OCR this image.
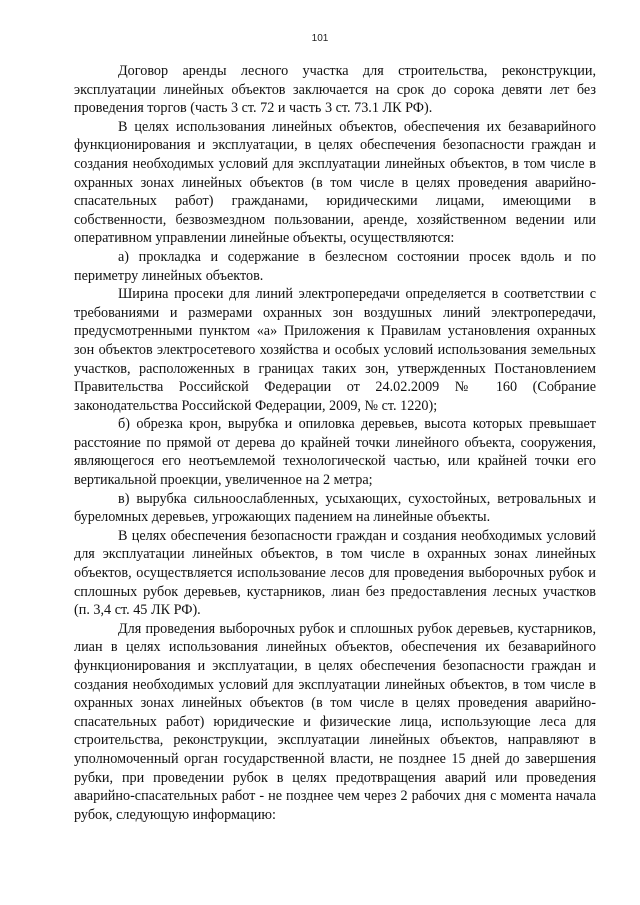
101

Договор аренды лесного участка для строительства, реконструкции, эксплуатации линейных объектов заключается на срок до сорока девяти лет без проведения торгов (часть 3 ст. 72 и часть 3 ст. 73.1 ЛК РФ).

В целях использования линейных объектов, обеспечения их безаварийного функционирования и эксплуатации, в целях обеспечения безопасности граждан и создания необходимых условий для эксплуатации линейных объектов, в том числе в охранных зонах линейных объектов (в том числе в целях проведения аварийно-спасательных работ) гражданами, юридическими лицами, имеющими в собственности, безвозмездном пользовании, аренде, хозяйственном ведении или оперативном управлении линейные объекты, осуществляются:

а) прокладка и содержание в безлесном состоянии просек вдоль и по периметру линейных объектов.

Ширина просеки для линий электропередачи определяется в соответствии с требованиями и размерами охранных зон воздушных линий электропередачи, предусмотренными пунктом «а» Приложения к Правилам установления охранных зон объектов электросетевого хозяйства и особых условий использования земельных участков, расположенных в границах таких зон, утвержденных Постановлением Правительства Российской Федерации от 24.02.2009 № 160 (Собрание законодательства Российской Федерации, 2009, № ст. 1220);

б) обрезка крон, вырубка и опиловка деревьев, высота которых превышает расстояние по прямой от дерева до крайней точки линейного объекта, сооружения, являющегося его неотъемлемой технологической частью, или крайней точки его вертикальной проекции, увеличенное на 2 метра;

в) вырубка сильноослабленных, усыхающих, сухостойных, ветровальных и буреломных деревьев, угрожающих падением на линейные объекты.

В целях обеспечения безопасности граждан и создания необходимых условий для эксплуатации линейных объектов, в том числе в охранных зонах линейных объектов, осуществляется использование лесов для проведения выборочных рубок и сплошных рубок деревьев, кустарников, лиан без предоставления лесных участков (п. 3,4 ст. 45 ЛК РФ).

Для проведения выборочных рубок и сплошных рубок деревьев, кустарников, лиан в целях использования линейных объектов, обеспечения их безаварийного функционирования и эксплуатации, в целях обеспечения безопасности граждан и создания необходимых условий для эксплуатации линейных объектов, в том числе в охранных зонах линейных объектов (в том числе в целях проведения аварийно-спасательных работ) юридические и физические лица, использующие леса для строительства, реконструкции, эксплуатации линейных объектов, направляют в уполномоченный орган государственной власти, не позднее 15 дней до завершения рубки, при проведении рубок в целях предотвращения аварий или проведения аварийно-спасательных работ - не позднее чем через 2 рабочих дня с момента начала рубок, следующую информацию:
